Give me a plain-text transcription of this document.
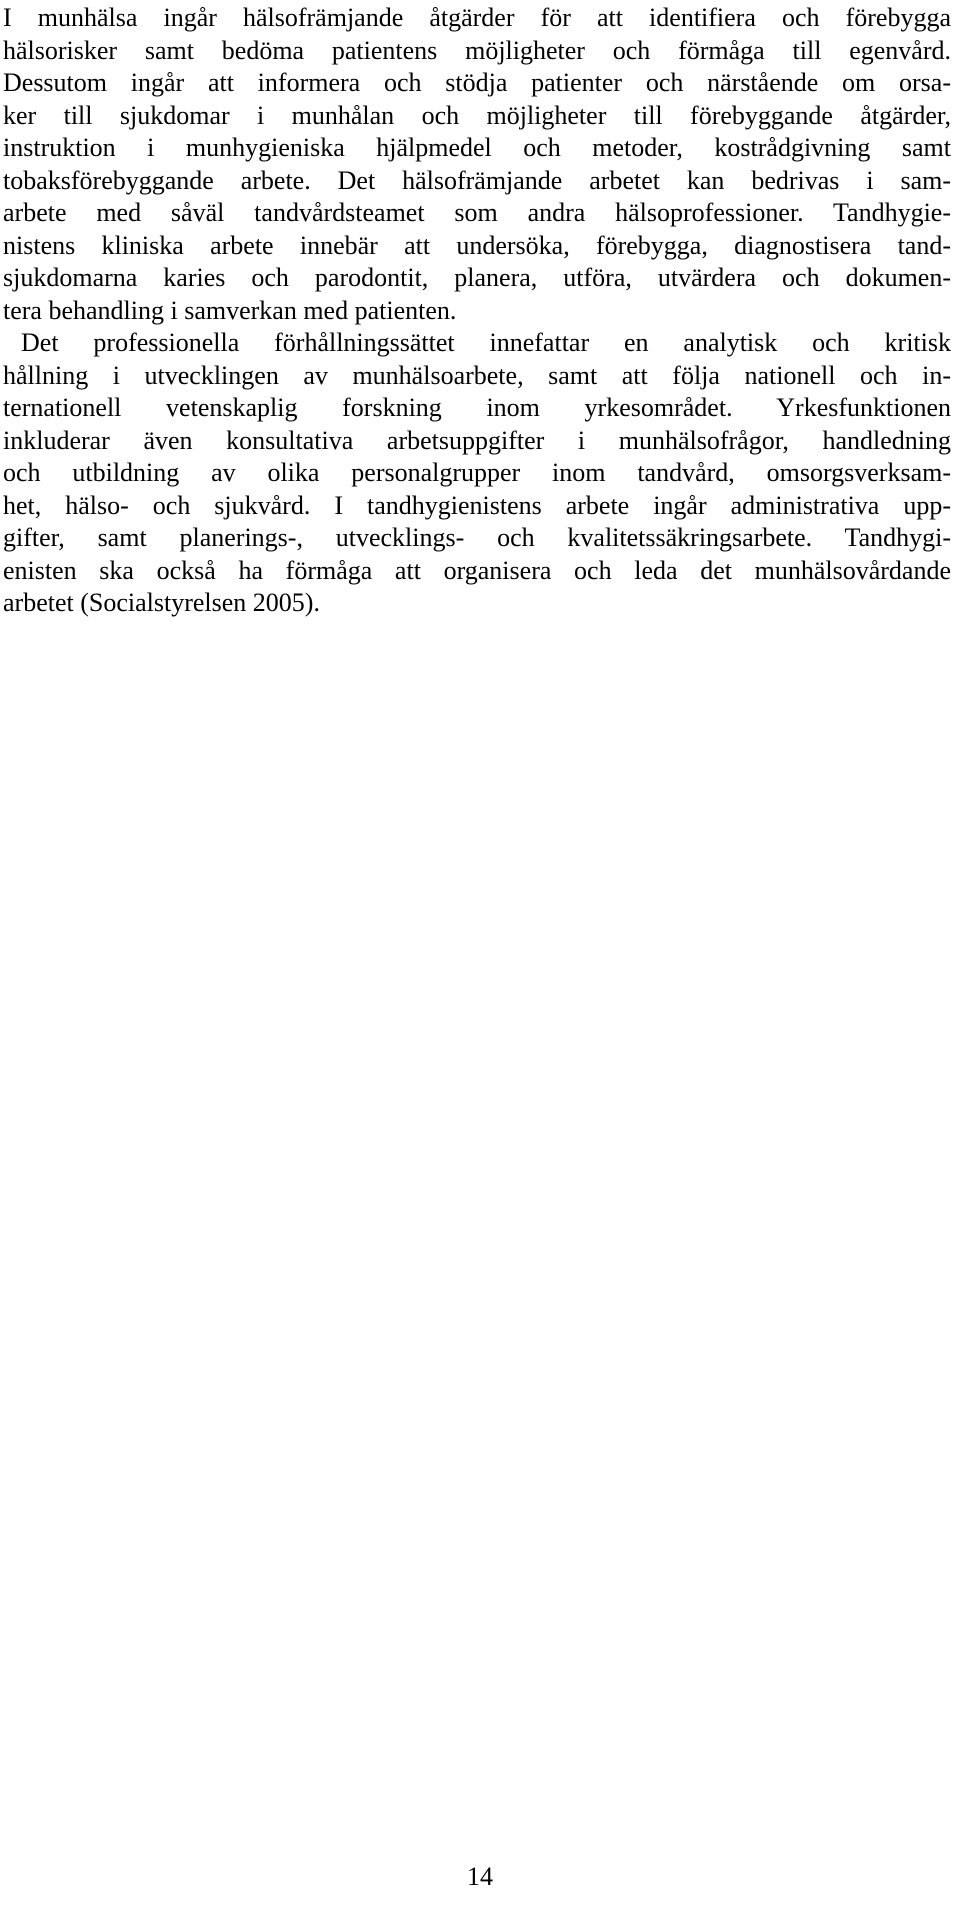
I munhälsa ingår hälsofrämjande åtgärder för att identifiera och förebygga
hälsorisker samt bedöma patientens möjligheter och förmåga till egenvård.
Dessutom ingår att informera och stödja patienter och närstående om orsa-
ker till sjukdomar i munhålan och möjligheter till förebyggande åtgärder,
instruktion i munhygieniska hjälpmedel och metoder, kostrådgivning samt
tobaksförebyggande arbete. Det hälsofrämjande arbetet kan bedrivas i sam-
arbete med såväl tandvårdsteamet som andra hälsoprofessioner. Tandhygie-
nistens kliniska arbete innebär att undersöka, förebygga, diagnostisera tand-
sjukdomarna karies och parodontit, planera, utföra, utvärdera och dokumen-
tera behandling i samverkan med patienten.
Det professionella förhållningssättet innefattar en analytisk och kritisk
hållning i utvecklingen av munhälsoarbete, samt att följa nationell och in-
ternationell vetenskaplig forskning inom yrkesområdet. Yrkesfunktionen
inkluderar även konsultativa arbetsuppgifter i munhälsofrågor, handledning
och utbildning av olika personalgrupper inom tandvård, omsorgsverksam-
het, hälso- och sjukvård. I tandhygienistens arbete ingår administrativa upp-
gifter, samt planerings-, utvecklings- och kvalitetssäkringsarbete. Tandhygi-
enisten ska också ha förmåga att organisera och leda det munhälsovårdande
arbetet (Socialstyrelsen 2005).
14
